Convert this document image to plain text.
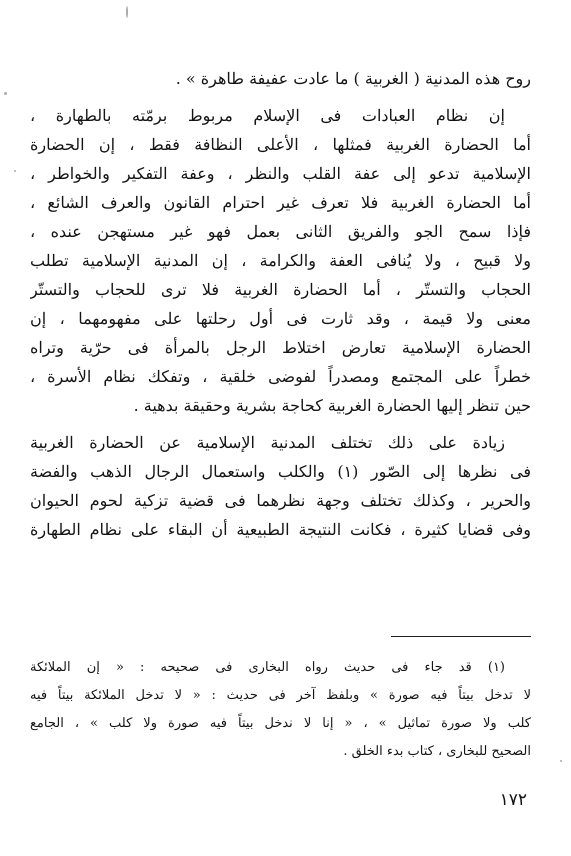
روح هذه المدنية ( الغربية ) ما عادت عفيفة طاهرة » .
إن نظام العبادات فى الإسلام مربوط برمّته بالطهارة ،
أما الحضارة الغربية فمثلها ، الأعلى النظافة فقط ، إن الحضارة
الإسلامية تدعو إلى عفة القلب والنظر ، وعفة التفكير والخواطر ،
أما الحضارة الغربية فلا تعرف غير احترام القانون والعرف الشائع ،
فإذا سمح الجو والفريق الثانى بعمل فهو غير مستهجن عنده ،
ولا قبيح ، ولا يُنافى العفة والكرامة ، إن المدنية الإسلامية تطلب
الحجاب والتستّر ، أما الحضارة الغربية فلا ترى للحجاب والتستّر
معنى ولا قيمة ، وقد ثارت فى أول رحلتها على مفهومهما ، إن
الحضارة الإسلامية تعارض اختلاط الرجل بالمرأة فى حرّية وتراه
خطراً على المجتمع ومصدراً لفوضى خلقية ، وتفكك نظام الأسرة ،
حين تنظر إليها الحضارة الغربية كحاجة بشرية وحقيقة بدهية .
زيادة على ذلك تختلف المدنية الإسلامية عن الحضارة الغربية
فى نظرها إلى الصّور (١) والكلب واستعمال الرجال الذهب والفضة
والحرير ، وكذلك تختلف وجهة نظرهما فى قضية تزكية لحوم الحيوان
وفى قضايا كثيرة ، فكانت النتيجة الطبيعية أن البقاء على نظام الطهارة
(١) قد جاء فى حديث رواه البخارى فى صحيحه : « إن الملائكة
لا تدخل بيتاً فيه صورة » وبلفظ آخر فى حديث : « لا تدخل الملائكة بيتاً فيه
كلب ولا صورة تماثيل » ، « إنا لا ندخل بيتاً فيه صورة ولا كلب » ، الجامع
الصحيح للبخارى ، كتاب بدء الخلق .
١٧٢
